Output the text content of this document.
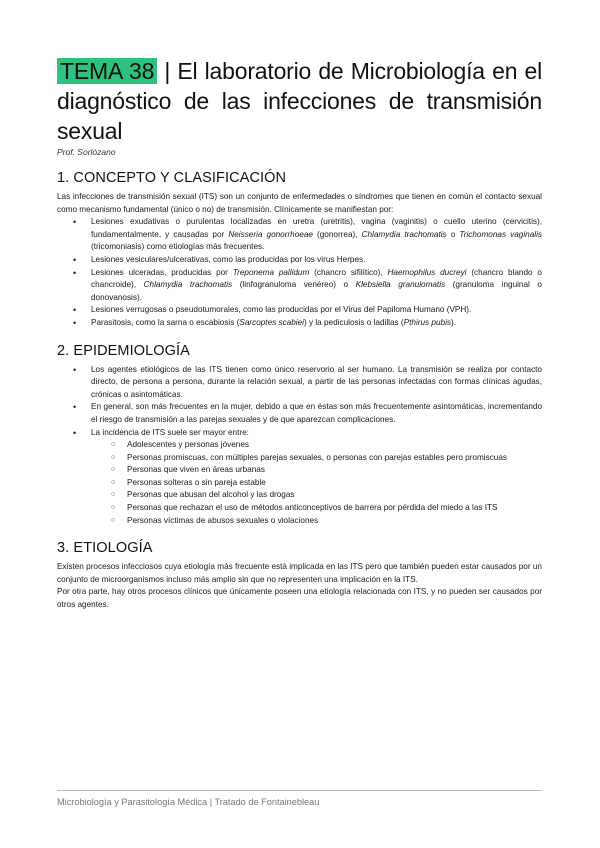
TEMA 38 | El laboratorio de Microbiología en el diagnóstico de las infecciones de transmisión sexual
Prof. Sorlózano
1. CONCEPTO Y CLASIFICACIÓN

Las infecciones de transmisión sexual (ITS) son un conjunto de enfermedades o síndromes que tienen en común el contacto sexual como mecanismo fundamental (único o no) de transmisión. Clínicamente se manifiestan por:

• Lesiones exudativas o purulentas localizadas en uretra (uretritis), vagina (vaginitis) o cuello uterino (cervicitis), fundamentalmente, y causadas por Neisseria gonorrhoeae (gonorrea), Chlamydia trachomatis o Trichomonas vaginalis (tricomoniasis) como etiologías más frecuentes.
• Lesiones vesiculares/ulcerativas, como las producidas por los virus Herpes.
• Lesiones ulceradas, producidas por Treponema pallidum (chancro sifilítico), Haemophilus ducreyi (chancro blando o chancroide), Chlamydia trachomatis (linfogranuloma venéreo) o Klebsiella granulomatis (granuloma inguinal o donovanosis).
• Lesiones verrugosas o pseudotumorales, como las producidas por el Virus del Papiloma Humano (VPH).
• Parasitosis, como la sarna o escabiosis (Sarcoptes scabiei) y la pediculosis o ladillas (Pthirus pubis).
2. EPIDEMIOLOGÍA
• Los agentes etiológicos de las ITS tienen como único reservorio al ser humano. La transmisión se realiza por contacto directo, de persona a persona, durante la relación sexual, a partir de las personas infectadas con formas clínicas agudas, crónicas o asintomáticas.
• En general, son más frecuentes en la mujer, debido a que en éstas son más frecuentemente asintomáticas, incrementando el riesgo de transmisión a las parejas sexuales y de que aparezcan complicaciones.
• La incidencia de ITS suele ser mayor entre:
○ Adolescentes y personas jóvenes
○ Personas promiscuas, con múltiples parejas sexuales, o personas con parejas estables pero promiscuas
○ Personas que viven en áreas urbanas
○ Personas solteras o sin pareja estable
○ Personas que abusan del alcohol y las drogas
○ Personas que rechazan el uso de métodos anticonceptivos de barrera por pérdida del miedo a las ITS
○ Personas víctimas de abusos sexuales o violaciones
3. ETIOLOGÍA

Existen procesos infecciosos cuya etiología más frecuente está implicada en las ITS pero que también pueden estar causados por un conjunto de microorganismos incluso más amplio sin que no representen una implicación en la ITS.

Por otra parte, hay otros procesos clínicos que únicamente poseen una etiología relacionada con ITS, y no pueden ser causados por otros agentes.

Microbiología y Parasitología Médica | Tratado de Fontainebleau
